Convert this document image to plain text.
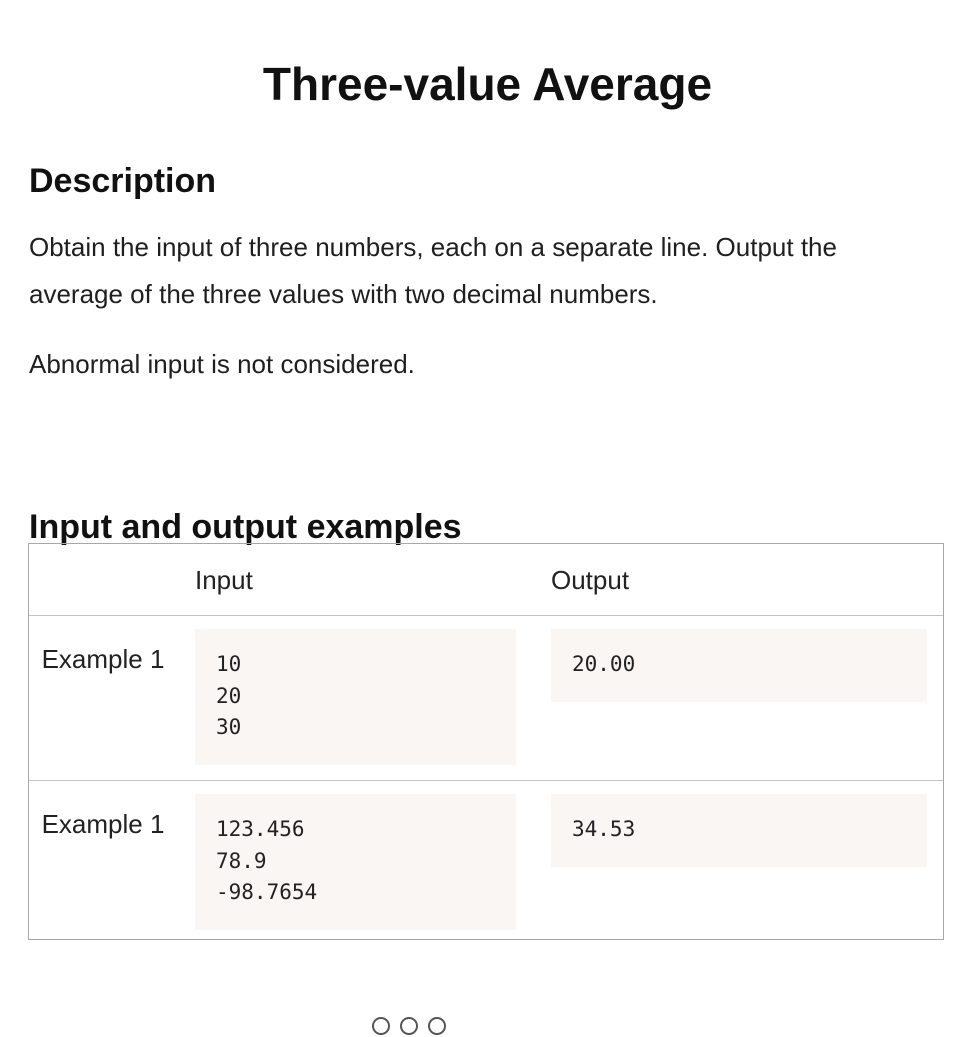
Three-value Average
Description

Obtain the input of three numbers, each on a separate line. Output the average of the three values with two decimal numbers.

Abnormal input is not considered.

Input and output examples
Input	Output
Example 1 10
20
30
20.00
Example 1 123.456
78.9
-98.7654
34.53
